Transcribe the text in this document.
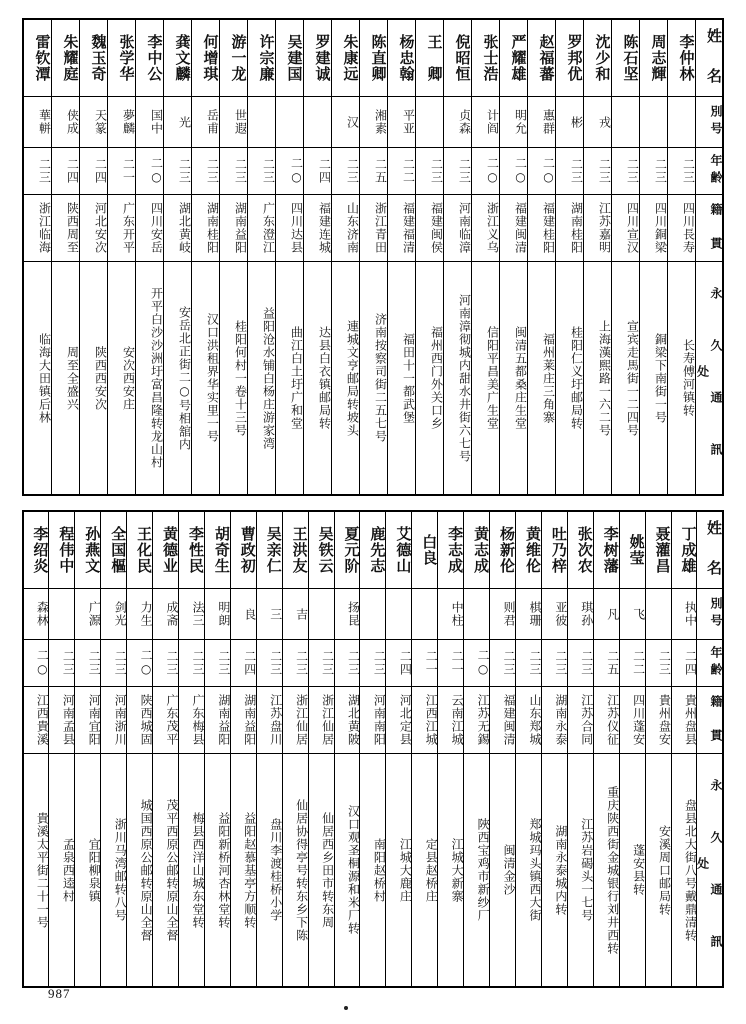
雷钦潭	朱耀庭	魏玉奇	张学华	李中公	龚文麟	何增琪	游一龙	许宗廉	吴建国	罗建诚	朱康远	陈直卿	杨忠翰	王　卿	倪昭恒	张士浩	严耀雄	赵福蕃	罗邦优	沈少和	陈石坚	周志輝	李仲林	姓　名
華軿	侠成	天篆	夢麟	国中	光	岳甫	世遐				汉	湘素	平亚		贞森	计阎	明允	惠群	彬	戎				別号
二三	二四	二四	二一	二○	二三	二三	二三	二三	二○	二四	二三	二五	二二	二三	二三	二○	二○	二○	二三	二三	二三	二三	二三	年齢
浙江临海	陕西周至	河北安次	广东开平	四川安岳	湖北黄岐	湖南桂阳	湖南益阳	广东澄江	四川达县	福建连城	山东济南	浙江青田	福建福清	福建闽侯	河南临漳	浙江义乌	福建闽清	福建桂阳	湖南桂阳	江苏嘉明	四川宣汉	四川銅梁	四川長寿	籍　貫
临海大田镇后林	周至全盛兴	陕西西安次	安次西安庄	开平白沙沙洲圩富昌隆转龙山村	安岳北正街二○号相舘内	汉口洪租界华实里一号	桂阳何村一卷十三号	益阳沧水铺白杨庄游家湾	曲江白土圩广和堂	达县白衣镇邮局转	連城文亨邮局转坡头	济南按察司街二五七号	福田十一都武堡	福州西门外关口乡	河南漳彻城内甜水井街六七号	信阳平昌美广生堂	闽清五都桑庄生堂	福州莱庄三角寨	桂阳仁义圩邮局转	上海漢熙路一六二号	宣宾走馬街一二四号	銅梁下南街一号	长寿傅河镇转	永　久　通　訊　处
李绍炎	程伟中	孙燕文	全国樞	王化民	黄德业	李性民	胡奇生	曹政初	吴亲仁	王洪友	吴铁云	夏元阶	鹿先志	艾德山	白良	李志成	黄志成	杨新伦	黄维伦	吐乃梓	张次农	李树藩	姚莹	聂灌昌	丁成雄	姓　名
森林		广源	剑光	力生	成斋	法三	明朗	良	三	吉		扬昆				中柱		则君	棋珊	亚彼	琪孙	凡	飞		执中	別号
二○	二三	二三	二三	二○	二三	二三	二三	二四	二三	二三	二三	二三	二三	二四	二一	二一	二○	二三	二三	二三	二三	二五	二二	二三	二四	年齢
江西貴溪	河南孟县	河南宜阳	河南浙川	陕西城固	广东茂平	广东梅县	湖南益阳	湖南益阳	江苏盘川	浙江仙居	浙江仙居	湖北黄陂	河南南阳	河北定县	江西江城	云南江城	江苏无錫	福建闽清	山东郑城	湖南永泰	江苏合同	江苏仪征	四川蓬安	貴州盘安	貴州盘县	籍　貫
貴溪太平街二十一号	孟泉西逵村	宜阳柳泉镇	浙川马湾邮转八号	城国西原公邮转原山全督	茂平西原公邮转原山全督	梅县西洋山城东堂转	益阳新桥河杏林堂转	益阳赵慕基亭方顺转	盘川李渡桂桥小学	仙居协得亭号转东乡下陈	仙居西乡田市转东周	汉口观圣桐源和米厂转	南阳赵桥村	江城大鹿庄	定县赵桥庄	江城大新寨	陜西宝鸡市新纱厂	闽清金沙	郑城玛头镇西大街	湖南永泰城内转	江苏岩碣头一七号	重庆陕西街金城银行刘井西转	蓬安县转	安溪周口邮局转	盘县北大街八号戴鼎清转	永　久　通　訊　处
987
